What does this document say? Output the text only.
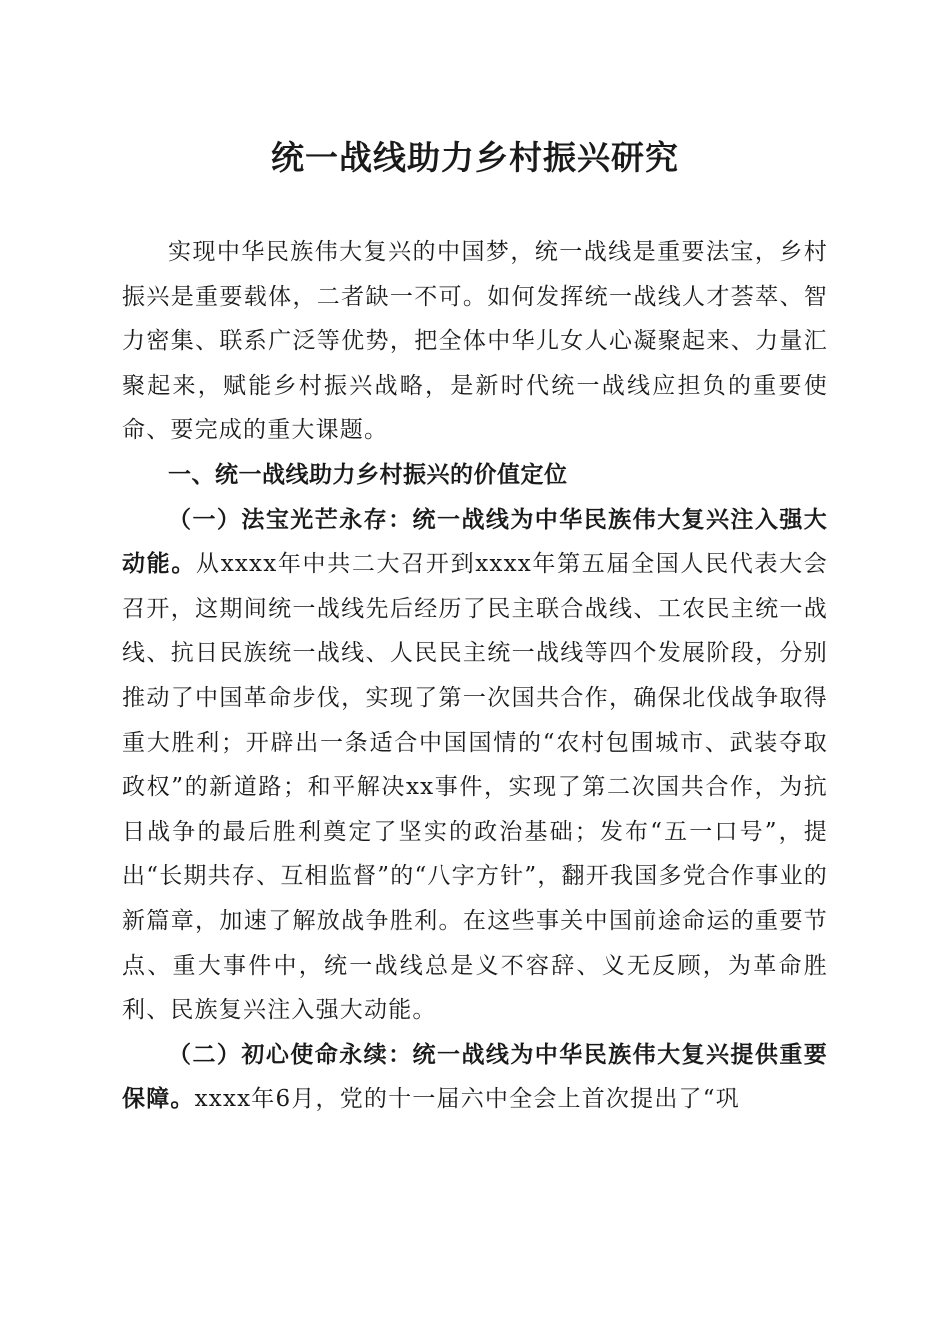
统一战线助力乡村振兴研究

实现中华民族伟大复兴的中国梦，统一战线是重要法宝，乡村振兴是重要载体，二者缺一不可。如何发挥统一战线人才荟萃、智力密集、联系广泛等优势，把全体中华儿女人心凝聚起来、力量汇聚起来，赋能乡村振兴战略，是新时代统一战线应担负的重要使命、要完成的重大课题。

一、统一战线助力乡村振兴的价值定位

（一）法宝光芒永存：统一战线为中华民族伟大复兴注入强大动能。从xxxx年中共二大召开到xxxx年第五届全国人民代表大会召开，这期间统一战线先后经历了民主联合战线、工农民主统一战线、抗日民族统一战线、人民民主统一战线等四个发展阶段，分别推动了中国革命步伐，实现了第一次国共合作，确保北伐战争取得重大胜利；开辟出一条适合中国国情的“农村包围城市、武装夺取政权”的新道路；和平解决xx事件，实现了第二次国共合作，为抗日战争的最后胜利奠定了坚实的政治基础；发布“五一口号”，提出“长期共存、互相监督”的“八字方针”，翻开我国多党合作事业的新篇章，加速了解放战争胜利。在这些事关中国前途命运的重要节点、重大事件中，统一战线总是义不容辞、义无反顾，为革命胜利、民族复兴注入强大动能。

（二）初心使命永续：统一战线为中华民族伟大复兴提供重要保障。xxxx年6月，党的十一届六中全会上首次提出了“巩
